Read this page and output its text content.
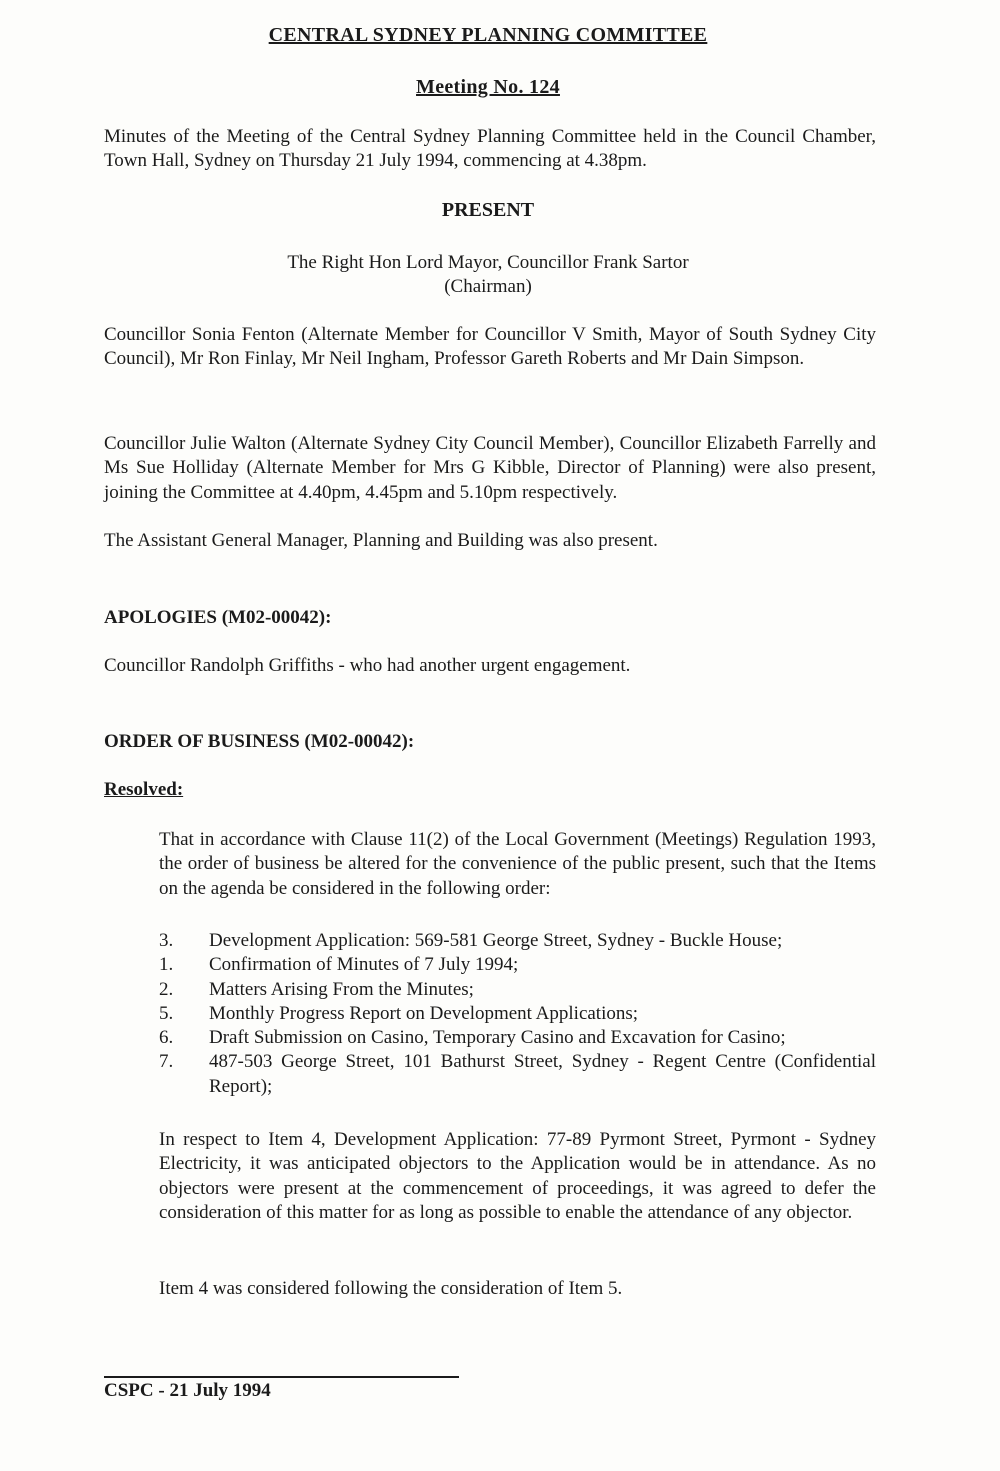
CENTRAL SYDNEY PLANNING COMMITTEE
Meeting No. 124

Minutes of the Meeting of the Central Sydney Planning Committee held in the Council Chamber, Town Hall, Sydney on Thursday 21 July 1994, commencing at 4.38pm.

PRESENT
The Right Hon Lord Mayor, Councillor Frank Sartor
(Chairman)

Councillor Sonia Fenton (Alternate Member for Councillor V Smith, Mayor of South Sydney City Council), Mr Ron Finlay, Mr Neil Ingham, Professor Gareth Roberts and Mr Dain Simpson.

Councillor Julie Walton (Alternate Sydney City Council Member), Councillor Elizabeth Farrelly and Ms Sue Holliday (Alternate Member for Mrs G Kibble, Director of Planning) were also present, joining the Committee at 4.40pm, 4.45pm and 5.10pm respectively.

The Assistant General Manager, Planning and Building was also present.

APOLOGIES (M02-00042):

Councillor Randolph Griffiths - who had another urgent engagement.

ORDER OF BUSINESS (M02-00042):
Resolved:

That in accordance with Clause 11(2) of the Local Government (Meetings) Regulation 1993, the order of business be altered for the convenience of the public present, such that the Items on the agenda be considered in the following order:

3.	Development Application: 569-581 George Street, Sydney - Buckle House;
1.	Confirmation of Minutes of 7 July 1994;
2.	Matters Arising From the Minutes;
5.	Monthly Progress Report on Development Applications;
6.	Draft Submission on Casino, Temporary Casino and Excavation for Casino;
7.	487-503 George Street, 101 Bathurst Street, Sydney - Regent Centre (Confidential Report);

In respect to Item 4, Development Application: 77-89 Pyrmont Street, Pyrmont - Sydney Electricity, it was anticipated objectors to the Application would be in attendance. As no objectors were present at the commencement of proceedings, it was agreed to defer the consideration of this matter for as long as possible to enable the attendance of any objector.

Item 4 was considered following the consideration of Item 5.

CSPC - 21 July 1994
